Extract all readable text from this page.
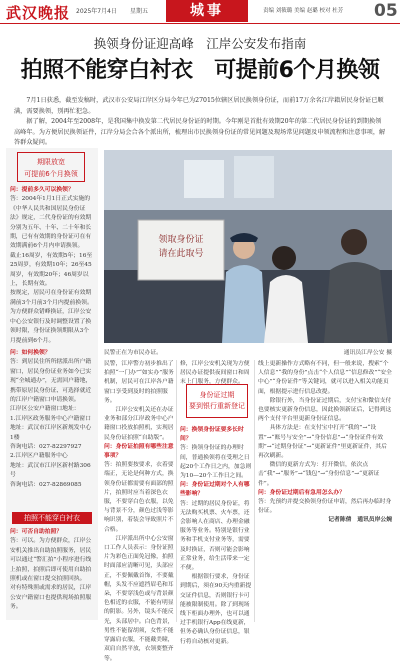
武汉晚报 2025年7月4日 星期五	城事	责编 刘筱璐 美编 赵璐 校对 杜芳 05
换领身份证迎高峰　江岸公安发布指南
拍照不能穿白衬衣　可提前6个月换领

7月1日获悉，截至发稿时，武汉市公安局江岸区分局今年已为27015位辖区居民换领身份证，而前17万余名江岸籍居民身份证已顺满，需要换领，别再忙犯急。

据了解，2004年至2008年，是我国集中换发第二代居民身份证的时期。今年刚是首批有效期20年的第二代居民身份证的到期换领高峰年。为方便居民换领证件，江岸分局会合各个派出所，梳理出市民换领身份证的常见问题及现场常见问题及申领流程和注意事项，解答群众疑问。

期限放宽
可提前6个月换领

问：提前多久可以换领？

答：2004年1月1日正式实施的《中华人民共和国居民身份证法》规定，二代身份证的有效期分别为五年、十年、二十年和长期，已有有效期的身份证可在有效期满前6个月内申请换领。

截止16周岁，有效期5年；16至25周岁，有效期10年；26至45周岁，有效期20年；46周岁以上，长期有效。

按规定，居民可在身份证有效期满前3个月前3个月内提前换领。为方便群众错峰换证，江岸公安中心公安银行及时调整设置了换领时限，身份证换领期限从3个月提前到6个月。

问：如何换领？

答：到居民住所所辖派出所户籍窗口，居民身份证业务如今已实现“全城通办”，无需回户籍地，携带原居民身份证、可选择就近的江岸户籍窗口申请换领。

江岸区公安户籍窗口地址：

1.江岸区政务服务中心户籍窗口

地址：武汉市江岸区新规发中心1楼

咨询电话：027-82297927

2.江岸区户籍服务中心

地址：武汉市江岸区新村路306号

咨询电话：027-82869085

拍照不能穿白衬衣

问：可否自助拍照？

答：可以。为方便群众，江岸公安机关推出自助拍照服务，居民可以通过“警汇拍”小程序进行线上拍照，拍照后即可使用自助拍照机或在窗口提交拍照回执。

对有特殊照或需求的居民，江岸公安户籍窗口也提供现场拍照服务。

领取身份证
请在此取号
民警正在为市民办证。	通讯员江岸公安 摄

民警，江岸警方初步推出了拍照“一门办”“如实办”服务机制，居民可在江岸各户籍窗口享受到及时的拍照服务。

江岸公安机关还在办证业务和部分江岸政务中心户籍窗口投放拍照机，实现居民身份证拍照“自助版”。

问：身份证拍照有哪些注意事项？

答：拍照要按要求，衣着要端正，无论是何种方式，换领身份证都需要有面部的照片，拍照时应当着深色衣服，不要穿白色衣服，以免与背景不分，颜色过浅等影响识别，着装会导致照片不合格。

江岸派出所中心公安窗口工作人员表示：身份证照片为彩色正面免冠像，拍照时面部应清晰可见，头部应正，不要佩戴首饰，不要戴帽，头发不应遮挡眉毛和耳朵，不要穿浅色或与背景颜色相近的衣服，不能有明显的阴影。另外，镜头不能反光，头部居中。白色背景，男性不能留胡须，女性不能穿露肩衣服，不能戴美瞳，双肩自然平放，衣领要整齐等。

修，江岸公安机关现为方便居民办证提供夜间窗口和周末上门服务，方便群众。

身份证过期
要到银行重新登记

问：换领身份证要多长时间？

答：换领身份证的办理时间，普通换领将在受理之日起20个工作日之内，加急则为10—20个工作日之间。

问：身份证过期对个人有哪些影响？

答：过期的居民身份证，将无法购买机票、火车票，还会影响人在商店、办理金融服务等业务。特别是银行业务和手机支付业务等，需要及时换证，否则可能会影响正常业务，给生活带来一定不便。

根据银行要求，身份证到期后，须在90天内重新提交证件信息，否则银行卡可能被限制使用。除了到现场线下柜面办理外，也可以通过手机银行App在线更新，但务必确认身份证信息，银行将自动核对更新。

线上更新操作方式略有不同，但一般来说，搜索“个人信息”“我的身份”点击“个人信息”“信息修改”“安全中心”“身份证件”等关键词，就可以进入相关功能页面，根据提示进行信息改提。

除银行外，当身份证过期后，支付宝和微信支付也要核实更新身份信息，因此换领新证后，记得到这两个支付平台里更新身份证信息。

具体方法是：在支付宝中打开“我的”→“设置”→“账号与安全”→“身份信息”→“身份证件有效期”→“过期身份证”→“更新证件”里更新证件，其后再次刷新。

微信的更新方式为：打开微信，依次点击“我”→“服务”→“钱包”→“身份信息”→“更新证件”。

问：身份证过期后有急用怎么办？

答：先预约并提交换领身份证申请，然后再办临时身份证。

记者陈倩　通讯员岸公婉
